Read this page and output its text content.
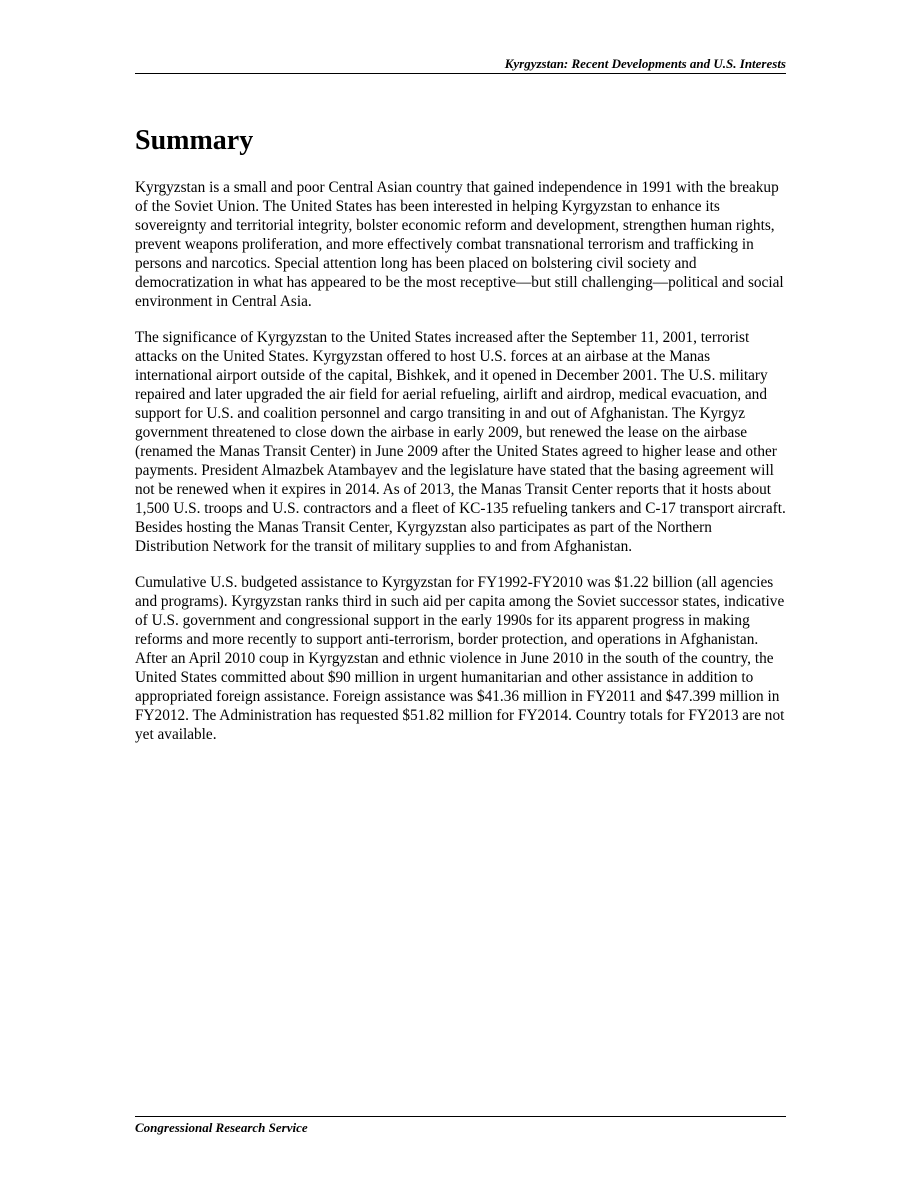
Kyrgyzstan: Recent Developments and U.S. Interests
Summary

Kyrgyzstan is a small and poor Central Asian country that gained independence in 1991 with the breakup of the Soviet Union. The United States has been interested in helping Kyrgyzstan to enhance its sovereignty and territorial integrity, bolster economic reform and development, strengthen human rights, prevent weapons proliferation, and more effectively combat transnational terrorism and trafficking in persons and narcotics. Special attention long has been placed on bolstering civil society and democratization in what has appeared to be the most receptive—but still challenging—political and social environment in Central Asia.

The significance of Kyrgyzstan to the United States increased after the September 11, 2001, terrorist attacks on the United States. Kyrgyzstan offered to host U.S. forces at an airbase at the Manas international airport outside of the capital, Bishkek, and it opened in December 2001. The U.S. military repaired and later upgraded the air field for aerial refueling, airlift and airdrop, medical evacuation, and support for U.S. and coalition personnel and cargo transiting in and out of Afghanistan. The Kyrgyz government threatened to close down the airbase in early 2009, but renewed the lease on the airbase (renamed the Manas Transit Center) in June 2009 after the United States agreed to higher lease and other payments. President Almazbek Atambayev and the legislature have stated that the basing agreement will not be renewed when it expires in 2014. As of 2013, the Manas Transit Center reports that it hosts about 1,500 U.S. troops and U.S. contractors and a fleet of KC-135 refueling tankers and C-17 transport aircraft. Besides hosting the Manas Transit Center, Kyrgyzstan also participates as part of the Northern Distribution Network for the transit of military supplies to and from Afghanistan.

Cumulative U.S. budgeted assistance to Kyrgyzstan for FY1992-FY2010 was $1.22 billion (all agencies and programs). Kyrgyzstan ranks third in such aid per capita among the Soviet successor states, indicative of U.S. government and congressional support in the early 1990s for its apparent progress in making reforms and more recently to support anti-terrorism, border protection, and operations in Afghanistan. After an April 2010 coup in Kyrgyzstan and ethnic violence in June 2010 in the south of the country, the United States committed about $90 million in urgent humanitarian and other assistance in addition to appropriated foreign assistance. Foreign assistance was $41.36 million in FY2011 and $47.399 million in FY2012. The Administration has requested $51.82 million for FY2014. Country totals for FY2013 are not yet available.

Congressional Research Service
